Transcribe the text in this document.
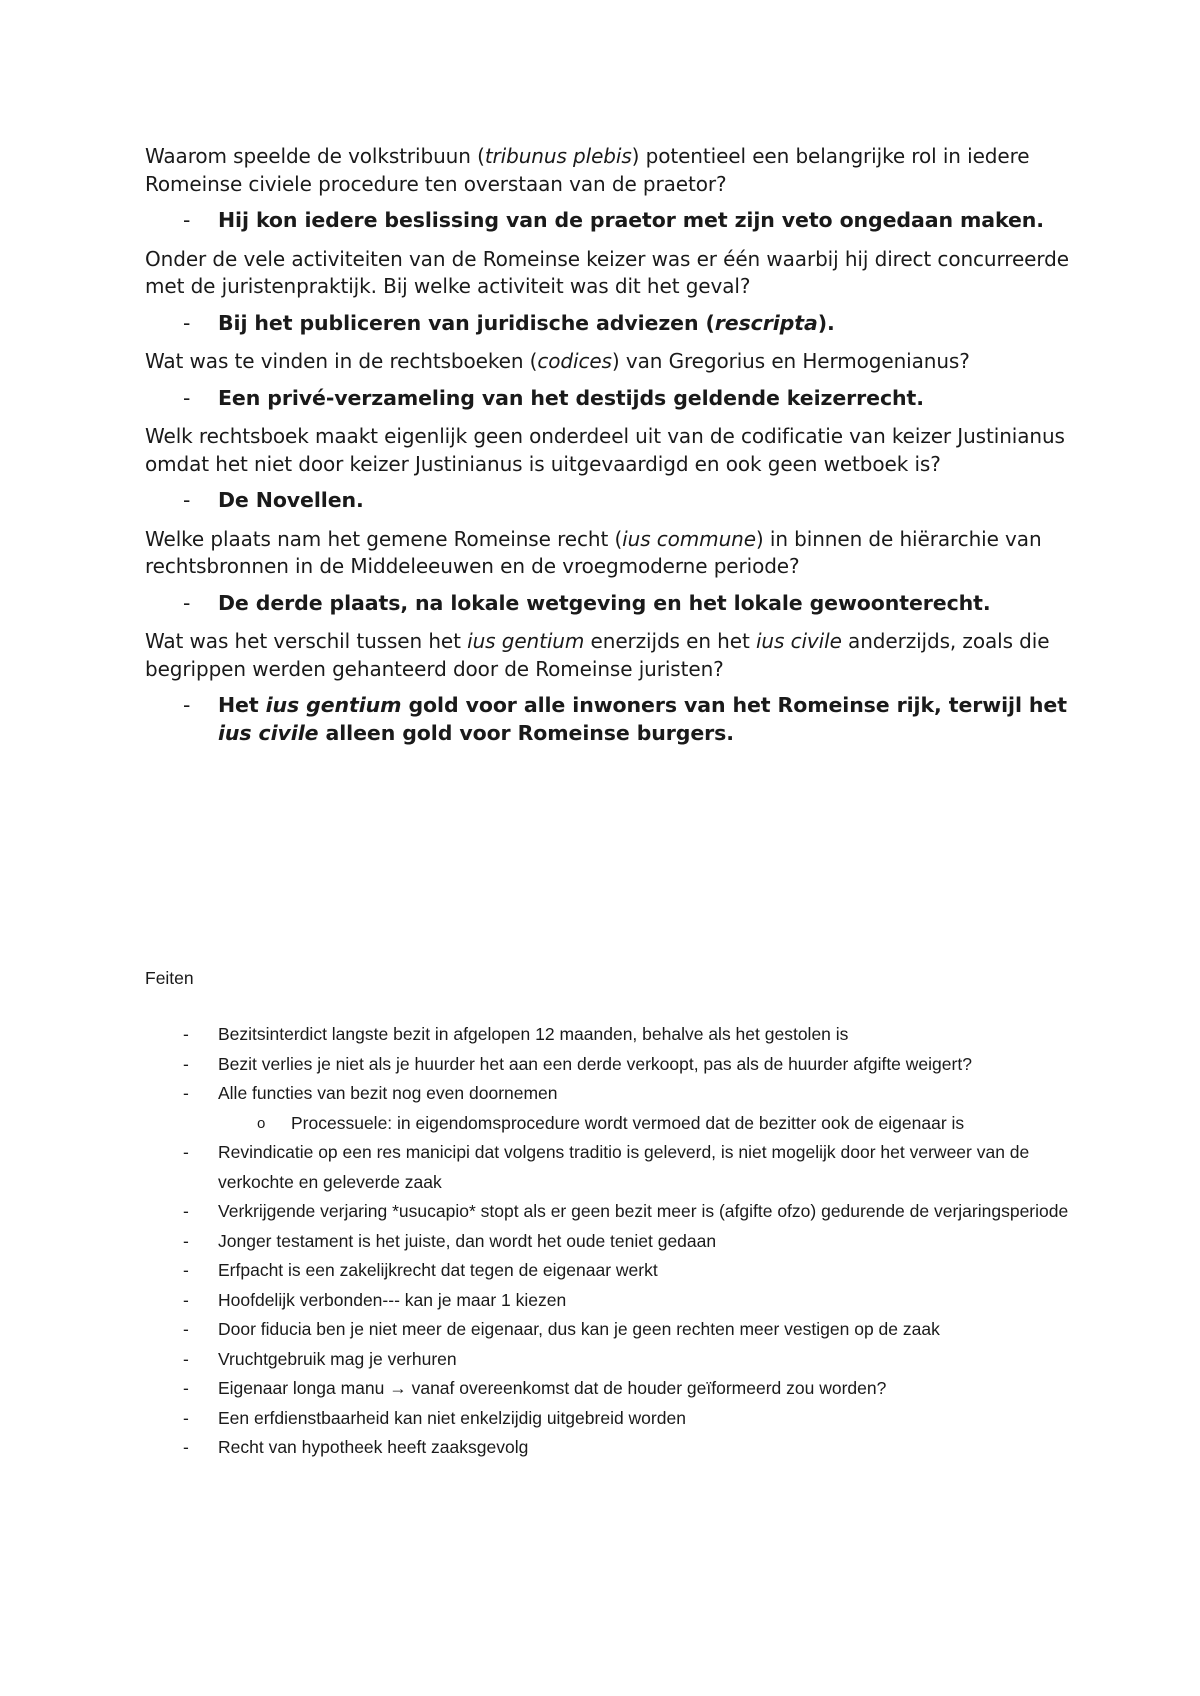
Waarom speelde de volkstribuun (tribunus plebis) potentieel een belangrijke rol in iedere Romeinse civiele procedure ten overstaan van de praetor?

- Hij kon iedere beslissing van de praetor met zijn veto ongedaan maken.

Onder de vele activiteiten van de Romeinse keizer was er één waarbij hij direct concurreerde met de juristenpraktijk. Bij welke activiteit was dit het geval?

- Bij het publiceren van juridische adviezen (rescripta).

Wat was te vinden in de rechtsboeken (codices) van Gregorius en Hermogenianus?

- Een privé-verzameling van het destijds geldende keizerrecht.

Welk rechtsboek maakt eigenlijk geen onderdeel uit van de codificatie van keizer Justinianus omdat het niet door keizer Justinianus is uitgevaardigd en ook geen wetboek is?

- De Novellen.

Welke plaats nam het gemene Romeinse recht (ius commune) in binnen de hiërarchie van rechtsbronnen in de Middeleeuwen en de vroegmoderne periode?

- De derde plaats, na lokale wetgeving en het lokale gewoonterecht.

Wat was het verschil tussen het ius gentium enerzijds en het ius civile anderzijds, zoals die begrippen werden gehanteerd door de Romeinse juristen?

- Het ius gentium gold voor alle inwoners van het Romeinse rijk, terwijl het ius civile alleen gold voor Romeinse burgers.
Feiten
- Bezitsinterdict langste bezit in afgelopen 12 maanden, behalve als het gestolen is
- Bezit verlies je niet als je huurder het aan een derde verkoopt, pas als de huurder afgifte weigert?
- Alle functies van bezit nog even doornemen
o Processuele: in eigendomsprocedure wordt vermoed dat de bezitter ook de eigenaar is
- Revindicatie op een res manicipi dat volgens traditio is geleverd, is niet mogelijk door het verweer van de verkochte en geleverde zaak
- Verkrijgende verjaring *usucapio* stopt als er geen bezit meer is (afgifte ofzo) gedurende de verjaringsperiode
- Jonger testament is het juiste, dan wordt het oude teniet gedaan
- Erfpacht is een zakelijkrecht dat tegen de eigenaar werkt
- Hoofdelijk verbonden--- kan je maar 1 kiezen
- Door fiducia ben je niet meer de eigenaar, dus kan je geen rechten meer vestigen op de zaak
- Vruchtgebruik mag je verhuren
- Eigenaar longa manu → vanaf overeenkomst dat de houder geïformeerd zou worden?
- Een erfdienstbaarheid kan niet enkelzijdig uitgebreid worden
- Recht van hypotheek heeft zaaksgevolg
